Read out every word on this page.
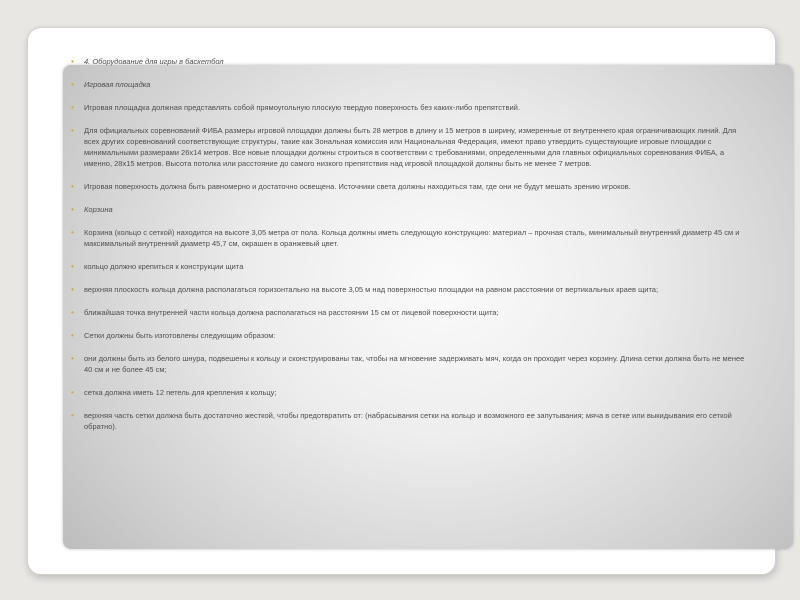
• 4. Оборудование для игры в баскетбол
• Игровая площадка
• Игровая площадка должная представлять собой прямоугольную плоскую твердую поверхность без каких-либо препятствий.
• Для официальных соревнований ФИБА размеры игровой площадки должны быть 28 метров в длину и 15 метров в ширину, измеренные от внутреннего края ограничивающих линий. Для всех других соревнований соответствующие структуры, такие как Зональная комиссия или Национальная Федерация, имеют право утвердить существующие игровые площадки с минимальными размерами 26х14 метров. Все новые площадки должны строиться в соответствии с требованиями, определенными для главных официальных соревнования ФИБА, а именно, 28х15 метров. Высота потолка или расстояние до самого низкого препятствия над игровой площадкой должны быть не менее 7 метров.
• Игровая поверхность должна быть равномерно и достаточно освещена. Источники света должны находиться там, где они не будут мешать зрению игроков.
• Корзина
• Корзина (кольцо с сеткой) находится на высоте 3,05 метра от пола. Кольца должны иметь следующую конструкцию: материал – прочная сталь, минимальный внутренний диаметр 45 см и максимальный внутренний диаметр 45,7 см, окрашен в оранжевый цвет.
• кольцо должно крепиться к конструкции щита
• верхняя плоскость кольца должна располагаться горизонтально на высоте 3,05 м над поверхностью площадки на равном расстоянии от вертикальных краев щита;
• ближайшая точка внутренней части кольца должна располагаться на расстоянии 15 см от лицевой поверхности щита;
• Сетки должны быть изготовлены следующим образом:
• они должны быть из белого шнура, подвешены к кольцу и сконструированы так, чтобы на мгновение задерживать мяч, когда он проходит через корзину. Длина сетки должна быть не менее 40 см и не более 45 см;
• сетка должна иметь 12 петель для крепления к кольцу;
• верхняя часть сетки должна быть достаточно жесткой, чтобы предотвратить от: (набрасывания сетки на кольцо и возможного ее запутывания; мяча в сетке или выкидывания его сеткой обратно).
